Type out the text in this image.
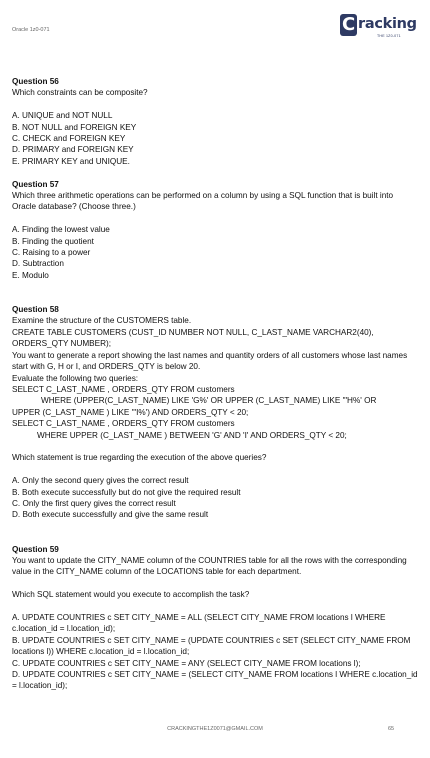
Oracle 1z0-071	C racking
THE 1Z0-071

Question 56

Which constraints can be composite?

A. UNIQUE and NOT NULL

B. NOT NULL and FOREIGN KEY

C. CHECK and FOREIGN KEY

D. PRIMARY and FOREIGN KEY

E. PRIMARY KEY and UNIQUE.

Question 57

Which three arithmetic operations can be performed on a column by using a SQL function that is built into Oracle database? (Choose three.)

A. Finding the lowest value

B. Finding the quotient

C. Raising to a power

D. Subtraction

E. Modulo

Question 58

Examine the structure of the CUSTOMERS table.

CREATE TABLE CUSTOMERS (CUST_ID NUMBER NOT NULL, C_LAST_NAME VARCHAR2(40), ORDERS_QTY NUMBER);

You want to generate a report showing the last names and quantity orders of all customers whose last names start with G, H or I, and ORDERS_QTY is below 20.

Evaluate the following two queries:

SELECT C_LAST_NAME , ORDERS_QTY FROM customers

WHERE (UPPER(C_LAST_NAME) LIKE 'G%' OR UPPER (C_LAST_NAME) LIKE '"H%' OR

UPPER (C_LAST_NAME ) LIKE '"I%') AND ORDERS_QTY < 20;

SELECT C_LAST_NAME , ORDERS_QTY FROM customers

WHERE UPPER (C_LAST_NAME ) BETWEEN 'G' AND 'I' AND ORDERS_QTY < 20;

Which statement is true regarding the execution of the above queries?

A. Only the second query gives the correct result

B. Both execute successfully but do not give the required result

C. Only the first query gives the correct result

D. Both execute successfully and give the same result

Question 59

You want to update the CITY_NAME column of the COUNTRIES table for all the rows with the corresponding value in the CITY_NAME column of the LOCATIONS table for each department.

Which SQL statement would you execute to accomplish the task?

A. UPDATE COUNTRIES c SET CITY_NAME = ALL (SELECT CITY_NAME FROM locations l WHERE c.location_id = l.location_id);

B. UPDATE COUNTRIES c SET CITY_NAME = (UPDATE COUNTRIES c SET (SELECT CITY_NAME FROM locations l)) WHERE c.location_id = l.location_id;

C. UPDATE COUNTRIES c SET CITY_NAME = ANY (SELECT CITY_NAME FROM locations l);

D. UPDATE COUNTRIES c SET CITY_NAME = (SELECT CITY_NAME FROM locations l WHERE c.location_id = l.location_id);

CRACKINGTHE1Z0071@GMAIL.COM	65
